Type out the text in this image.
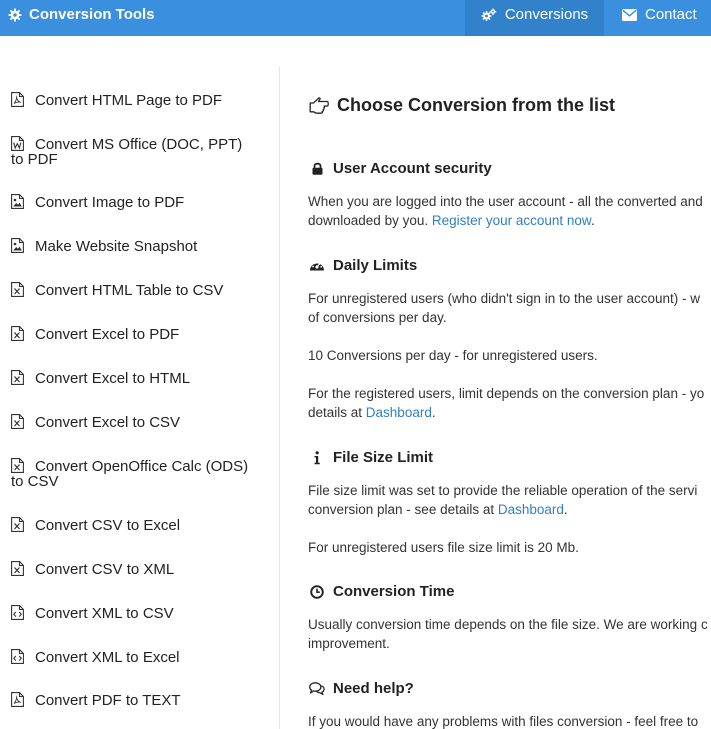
Conversion Tools	Conversions	Contact
Convert HTML Page to PDF
Convert MS Office (DOC, PPT)
to PDF
Convert Image to PDF
Make Website Snapshot
Convert HTML Table to CSV
Convert Excel to PDF
Convert Excel to HTML
Convert Excel to CSV
Convert OpenOffice Calc (ODS)
to CSV
Convert CSV to Excel
Convert CSV to XML
Convert XML to CSV
Convert XML to Excel
Convert PDF to TEXT
Choose Conversion from the list
User Account security
When you are logged into the user account - all the converted and
downloaded by you. Register your account now.
Daily Limits
For unregistered users (who didn't sign in to the user account) - w
of conversions per day.
10 Conversions per day - for unregistered users.
For the registered users, limit depends on the conversion plan - yo
details at Dashboard.
File Size Limit
File size limit was set to provide the reliable operation of the servi
conversion plan - see details at Dashboard.
For unregistered users file size limit is 20 Mb.
Conversion Time
Usually conversion time depends on the file size. We are working c
improvement.
Need help?
If you would have any problems with files conversion - feel free to
